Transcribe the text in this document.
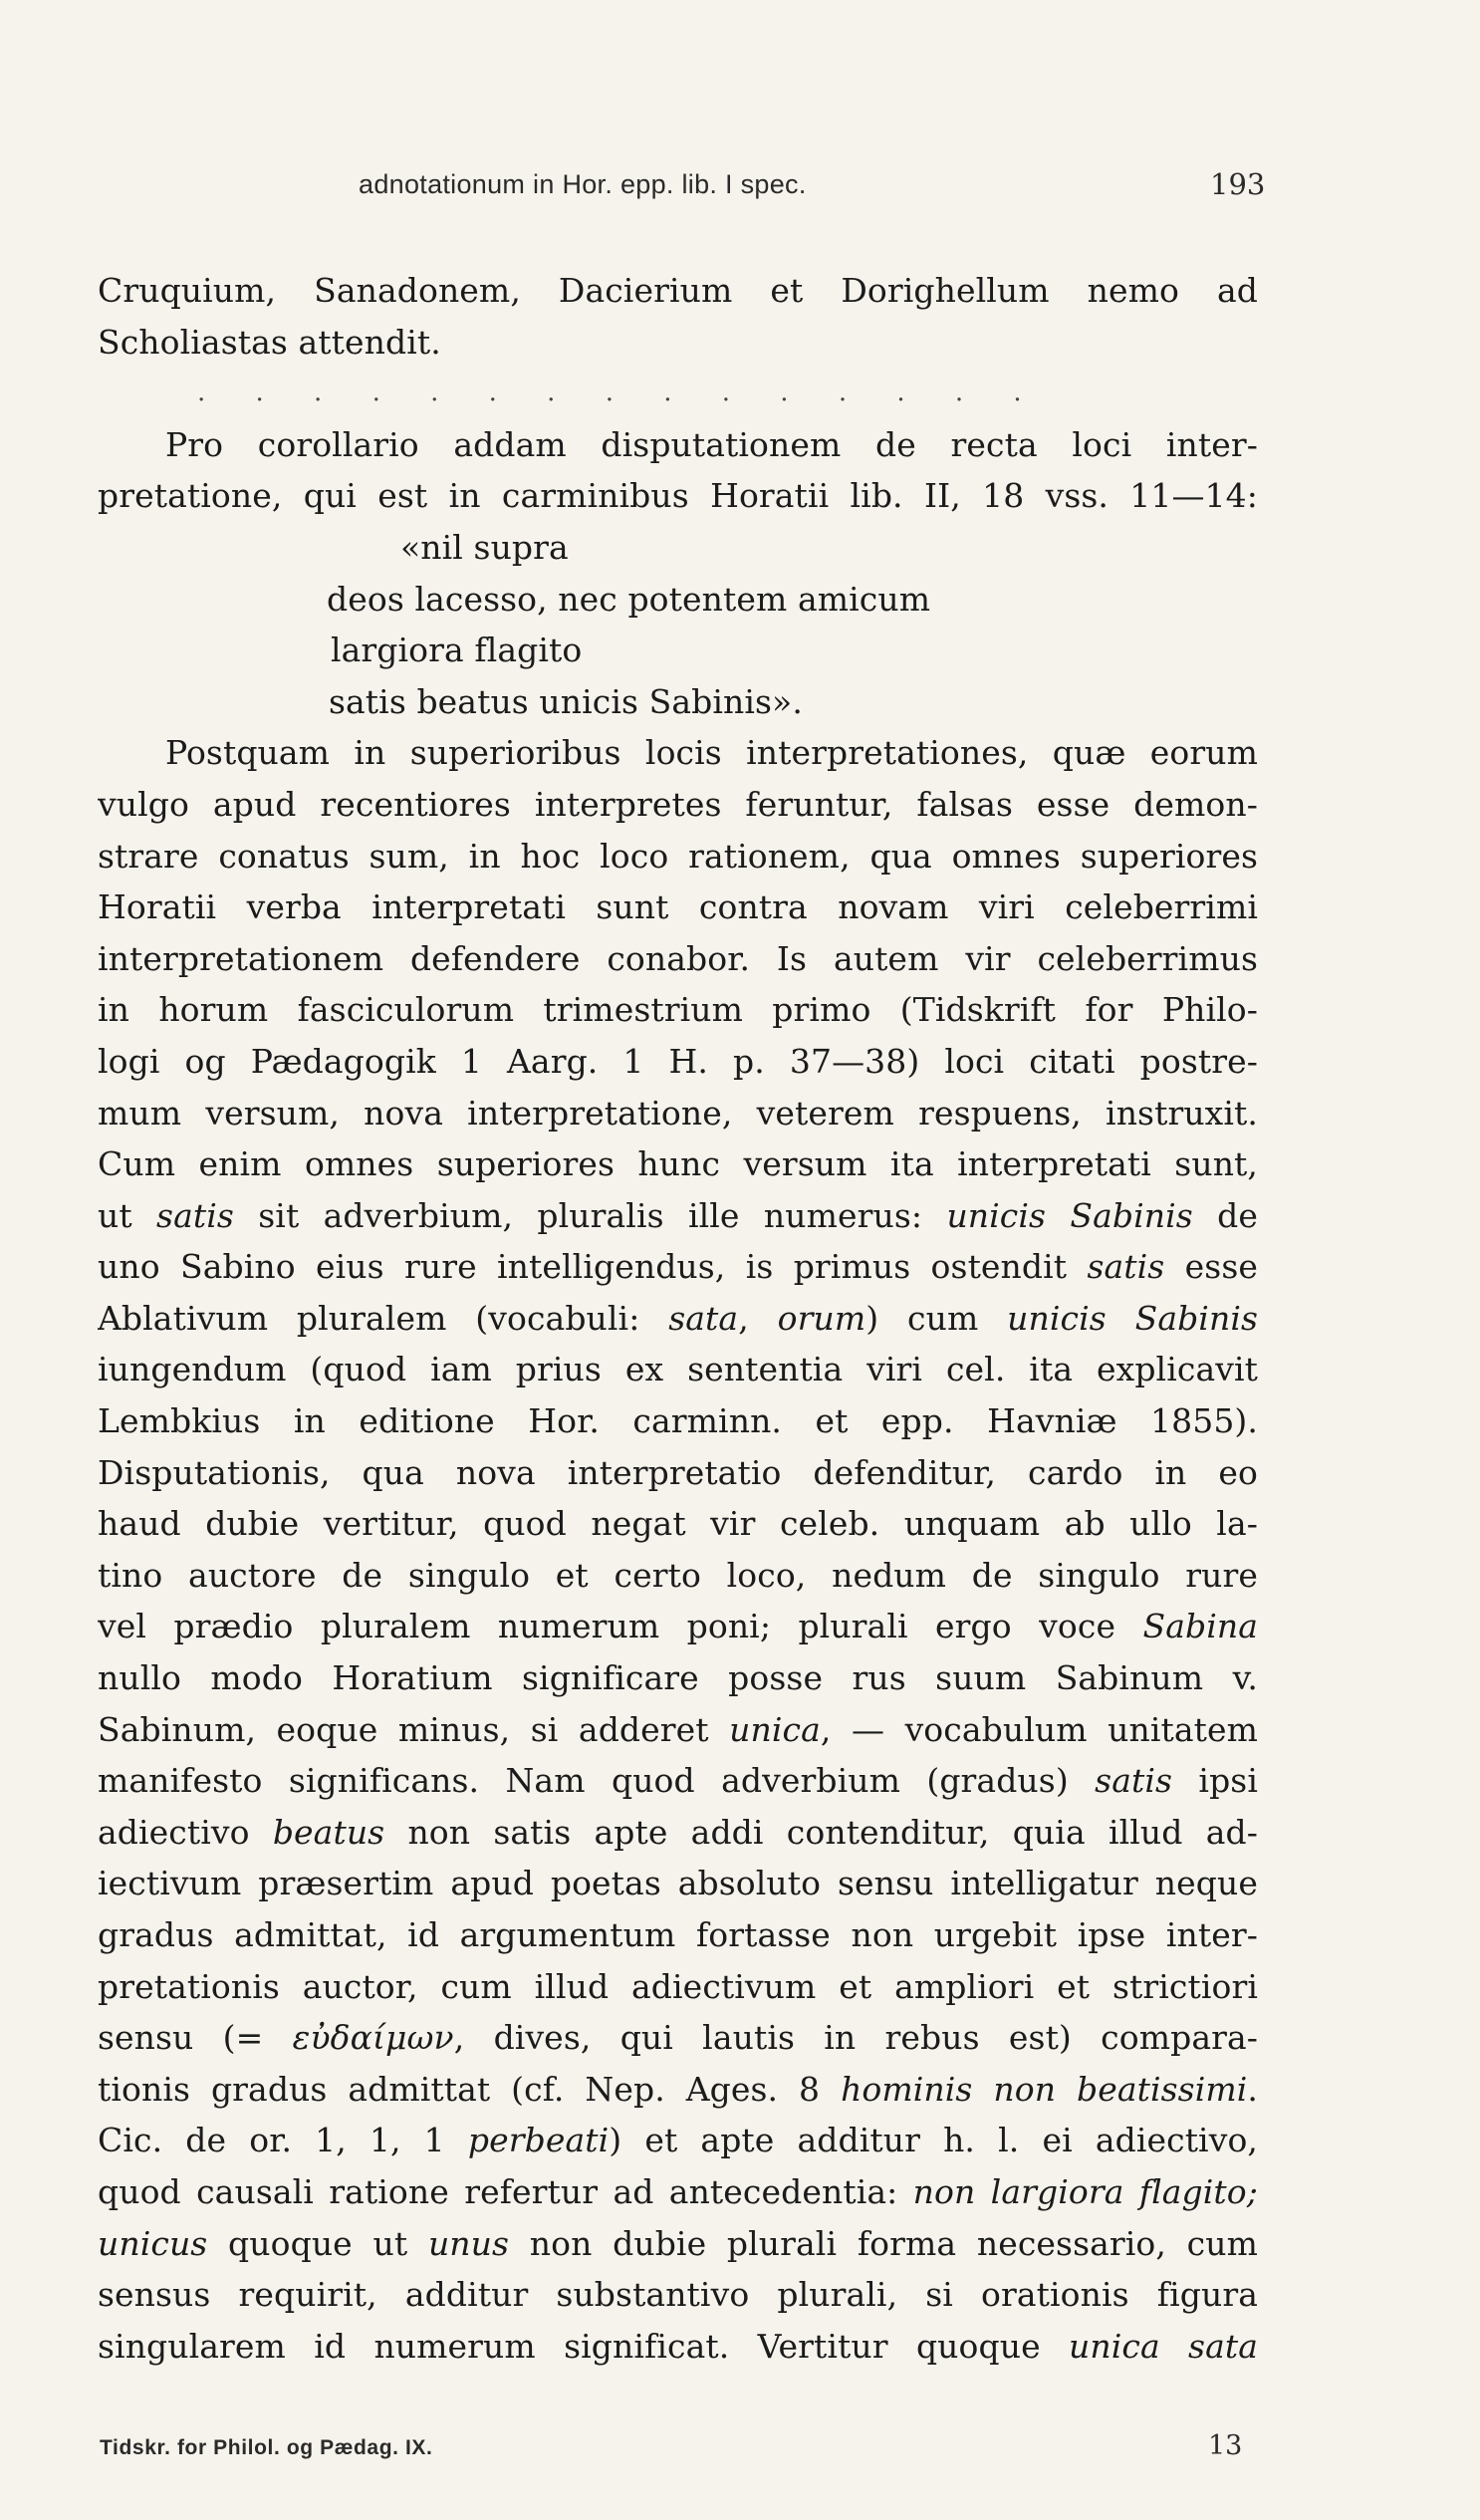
adnotationum in Hor. epp. lib. I spec.	193
Cruquium, Sanadonem, Dacierium et Dorighellum nemo ad
Scholiastas attendit.
. . . . . . . . . . . . . . .
Pro corollario addam disputationem de recta loci inter-
pretatione, qui est in carminibus Horatii lib. II, 18 vss. 11—14:
«nil supra
deos lacesso, nec potentem amicum
largiora flagito
satis beatus unicis Sabinis».
Postquam in superioribus locis interpretationes, quæ eorum
vulgo apud recentiores interpretes feruntur, falsas esse demon-
strare conatus sum, in hoc loco rationem, qua omnes superiores
Horatii verba interpretati sunt contra novam viri celeberrimi
interpretationem defendere conabor. Is autem vir celeberrimus
in horum fasciculorum trimestrium primo (Tidskrift for Philo-
logi og Pædagogik 1 Aarg. 1 H. p. 37—38) loci citati postre-
mum versum, nova interpretatione, veterem respuens, instruxit.
Cum enim omnes superiores hunc versum ita interpretati sunt,
ut satis sit adverbium, pluralis ille numerus: unicis Sabinis de
uno Sabino eius rure intelligendus, is primus ostendit satis esse
Ablativum pluralem (vocabuli: sata, orum) cum unicis Sabinis
iungendum (quod iam prius ex sententia viri cel. ita explicavit
Lembkius in editione Hor. carminn. et epp. Havniæ 1855).
Disputationis, qua nova interpretatio defenditur, cardo in eo
haud dubie vertitur, quod negat vir celeb. unquam ab ullo la-
tino auctore de singulo et certo loco, nedum de singulo rure
vel prædio pluralem numerum poni; plurali ergo voce Sabina
nullo modo Horatium significare posse rus suum Sabinum v.
Sabinum, eoque minus, si adderet unica, — vocabulum unitatem
manifesto significans. Nam quod adverbium (gradus) satis ipsi
adiectivo beatus non satis apte addi contenditur, quia illud ad-
iectivum præsertim apud poetas absoluto sensu intelligatur neque
gradus admittat, id argumentum fortasse non urgebit ipse inter-
pretationis auctor, cum illud adiectivum et ampliori et strictiori
sensu (= εὐδαίμων, dives, qui lautis in rebus est) compara-
tionis gradus admittat (cf. Nep. Ages. 8 hominis non beatissimi.
Cic. de or. 1, 1, 1 perbeati) et apte additur h. l. ei adiectivo,
quod causali ratione refertur ad antecedentia: non largiora flagito;
unicus quoque ut unus non dubie plurali forma necessario, cum
sensus requirit, additur substantivo plurali, si orationis figura
singularem id numerum significat. Vertitur quoque unica sata
Tidskr. for Philol. og Pædag. IX.	13
